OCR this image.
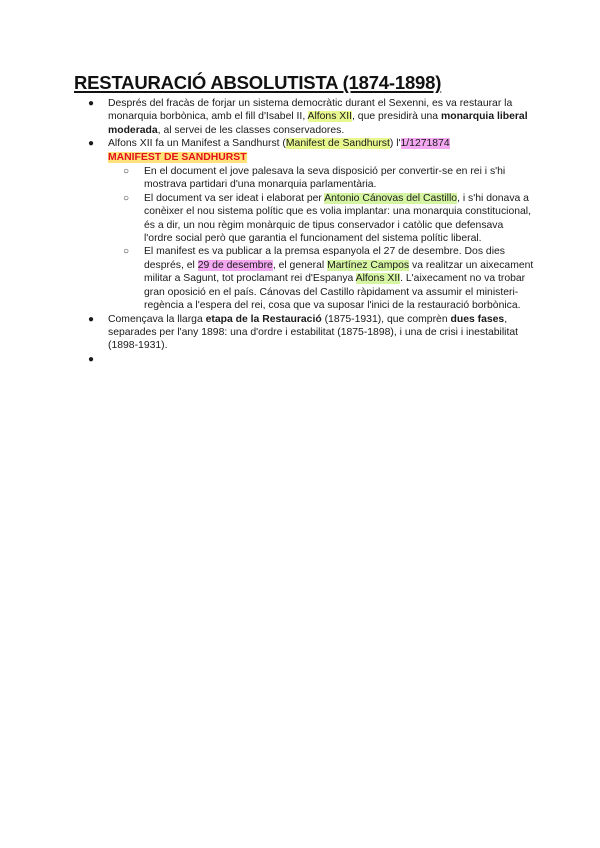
RESTAURACIÓ ABSOLUTISTA (1874-1898)
● Després del fracàs de forjar un sistema democràtic durant el Sexenni, es va restaurar la monarquia borbònica, amb el fill d'Isabel II, Alfons XII, que presidirà una monarquia liberal moderada, al servei de les classes conservadores.
● Alfons XII fa un Manifest a Sandhurst (Manifest de Sandhurst) l'1/1271874
MANIFEST DE SANDHURST
○ En el document el jove palesava la seva disposició per convertir-se en rei i s'hi mostrava partidari d'una monarquia parlamentària.
○ El document va ser ideat i elaborat per Antonio Cánovas del Castillo, i s'hi donava a conèixer el nou sistema polític que es volia implantar: una monarquia constitucional, és a dir, un nou règim monàrquic de tipus conservador i catòlic que defensava l'ordre social però que garantia el funcionament del sistema polític liberal.
○ El manifest es va publicar a la premsa espanyola el 27 de desembre. Dos dies després, el 29 de desembre, el general Martínez Campos va realitzar un aixecament militar a Sagunt, tot proclamant rei d'Espanya Alfons XII. L'aixecament no va trobar gran oposició en el país. Cánovas del Castillo ràpidament va assumir el ministeri-regència a l'espera del rei, cosa que va suposar l'inici de la restauració borbònica.
● Començava la llarga etapa de la Restauració (1875-1931), que comprèn dues fases, separades per l'any 1898: una d'ordre i estabilitat (1875-1898), i una de crisi i inestabilitat (1898-1931).
●
